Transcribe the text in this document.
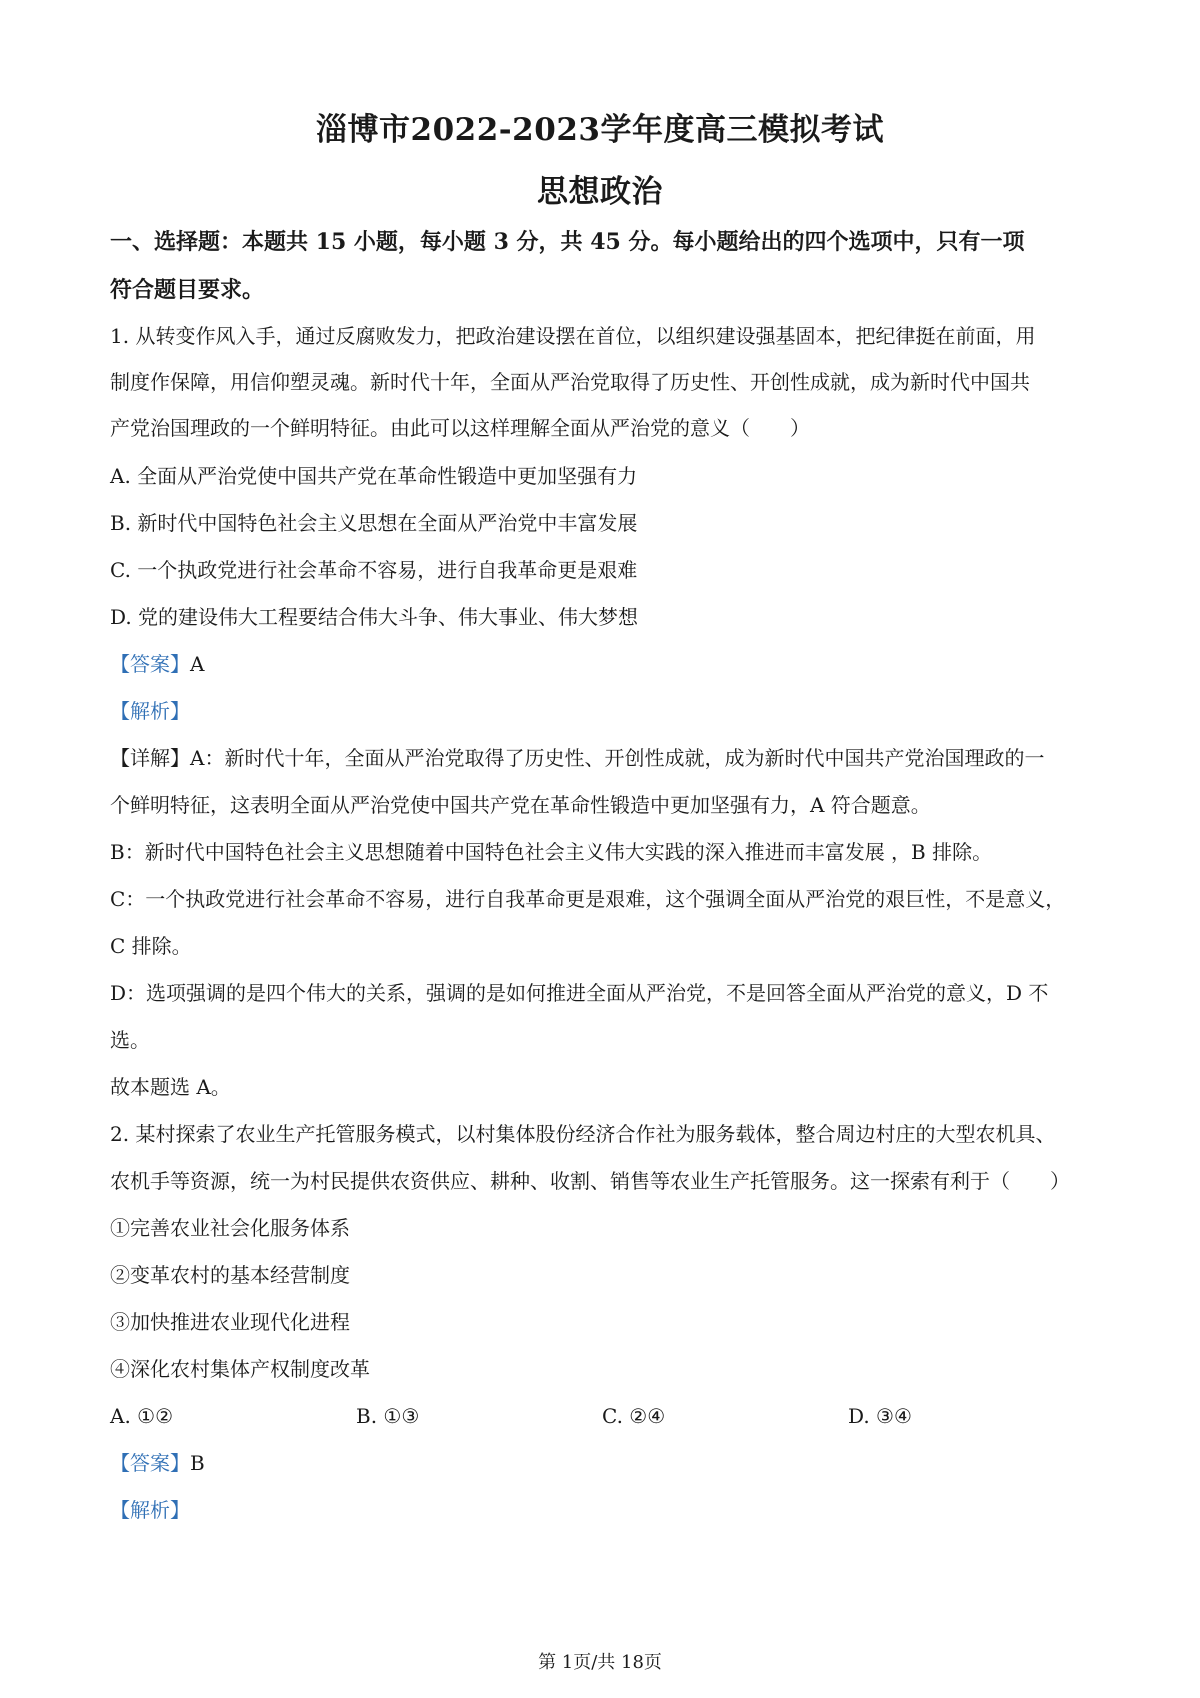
淄博市2022-2023学年度高三模拟考试
思想政治
一、选择题：本题共 15 小题，每小题 3 分，共 45 分。每小题给出的四个选项中，只有一项
符合题目要求。
1. 从转变作风入手，通过反腐败发力，把政治建设摆在首位，以组织建设强基固本，把纪律挺在前面，用
制度作保障，用信仰塑灵魂。新时代十年，全面从严治党取得了历史性、开创性成就，成为新时代中国共
产党治国理政的一个鲜明特征。由此可以这样理解全面从严治党的意义（　　）
A. 全面从严治党使中国共产党在革命性锻造中更加坚强有力
B. 新时代中国特色社会主义思想在全面从严治党中丰富发展
C. 一个执政党进行社会革命不容易，进行自我革命更是艰难
D. 党的建设伟大工程要结合伟大斗争、伟大事业、伟大梦想
【答案】A
【解析】
【详解】A：新时代十年，全面从严治党取得了历史性、开创性成就，成为新时代中国共产党治国理政的一
个鲜明特征，这表明全面从严治党使中国共产党在革命性锻造中更加坚强有力，A 符合题意。
B：新时代中国特色社会主义思想随着中国特色社会主义伟大实践的深入推进而丰富发展 ，B 排除。
C：一个执政党进行社会革命不容易，进行自我革命更是艰难，这个强调全面从严治党的艰巨性，不是意义，
C 排除。
D：选项强调的是四个伟大的关系，强调的是如何推进全面从严治党，不是回答全面从严治党的意义，D 不
选。
故本题选 A。
2. 某村探索了农业生产托管服务模式，以村集体股份经济合作社为服务载体，整合周边村庄的大型农机具、
农机手等资源，统一为村民提供农资供应、耕种、收割、销售等农业生产托管服务。这一探索有利于（　　）
①完善农业社会化服务体系
②变革农村的基本经营制度
③加快推进农业现代化进程
④深化农村集体产权制度改革
A. ①②	B. ①③	C. ②④	D. ③④
【答案】B
【解析】
第 1页/共 18页
